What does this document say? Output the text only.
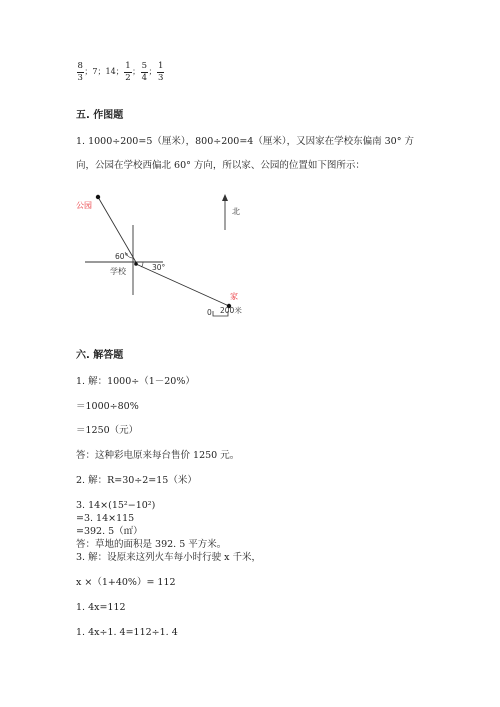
$\frac{8}{3}$ ；7；14； $\frac{1}{2}$ ； $\frac{5}{4}$ ； $\frac{1}{3}$
五. 作图题
1. 1000÷200=5（厘米），800÷200=4（厘米），又因家在学校东偏南 30° 方
向，公园在学校西偏北 60° 方向，所以家、公园的位置如下图所示：
北
公园
家
60°
30°
学校
0 200米
六. 解答题
1. 解：1000÷（1－20%）
＝1000÷80%
＝1250（元）
答：这种彩电原来每台售价 1250 元。
2. 解：R=30÷2=15（米）
3. 14×(15²−10²)
=3. 14×115
=392. 5（㎡）
答：草地的面积是 392. 5 平方米。
3. 解：设原来这列火车每小时行驶 x 千米，
x ×（1+40%）= 112
1. 4x=112
1. 4x÷1. 4=112÷1. 4
